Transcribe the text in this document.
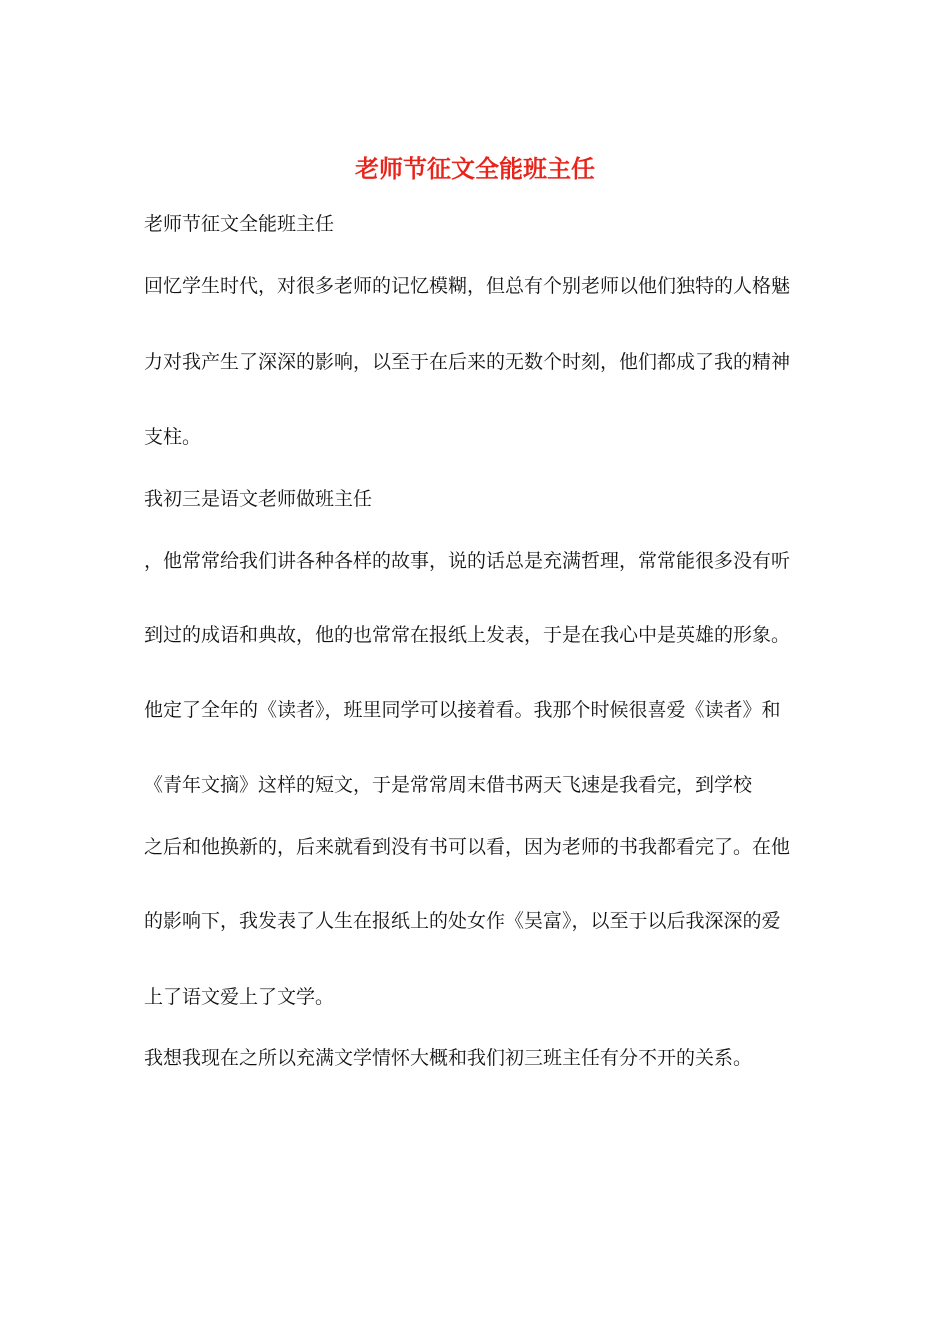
老师节征文全能班主任
老师节征文全能班主任
回忆学生时代，对很多老师的记忆模糊，但总有个别老师以他们独特的人格魅
力对我产生了深深的影响，以至于在后来的无数个时刻，他们都成了我的精神
支柱。
我初三是语文老师做班主任
，他常常给我们讲各种各样的故事，说的话总是充满哲理，常常能很多没有听
到过的成语和典故，他的也常常在报纸上发表，于是在我心中是英雄的形象。
他定了全年的《读者》，班里同学可以接着看。我那个时候很喜爱《读者》和
《青年文摘》这样的短文，于是常常周末借书两天飞速是我看完，到学校
之后和他换新的，后来就看到没有书可以看，因为老师的书我都看完了。在他
的影响下，我发表了人生在报纸上的处女作《吴富》，以至于以后我深深的爱
上了语文爱上了文学。
我想我现在之所以充满文学情怀大概和我们初三班主任有分不开的关系。
